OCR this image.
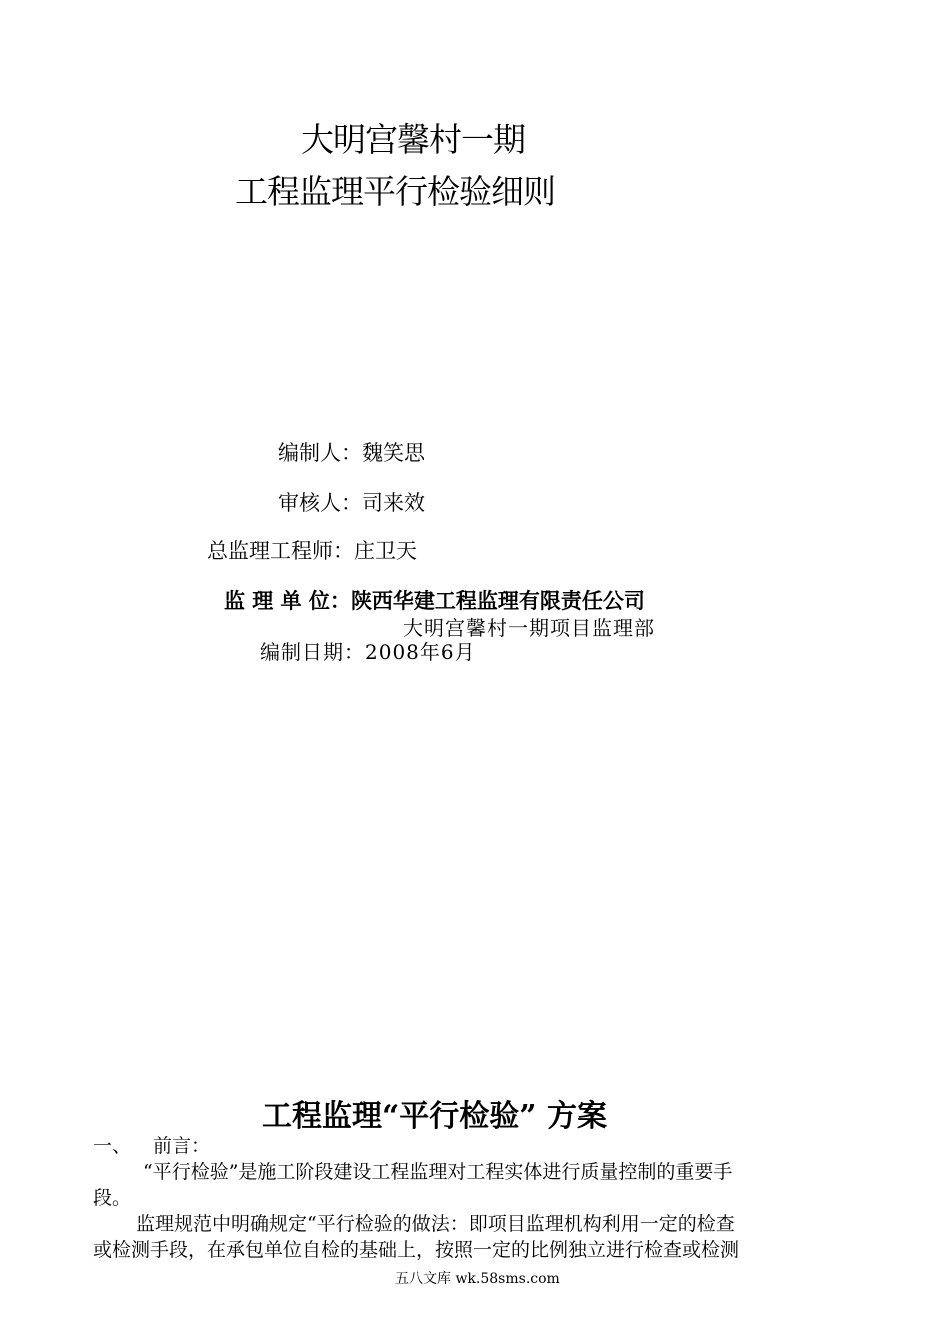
大明宫馨村一期
工程监理平行检验细则
编制人：魏笑思
审核人：司来效
总监理工程师：庄卫天
监 理 单 位：陕西华建工程监理有限责任公司
大明宫馨村一期项目监理部
编制日期：2008年6月
工程监理“平行检验” 方案
一、 前言：
“平行检验”是施工阶段建设工程监理对工程实体进行质量控制的重要手
段。
监理规范中明确规定“平行检验的做法：即项目监理机构利用一定的检查
或检测手段，在承包单位自检的基础上，按照一定的比例独立进行检查或检测
五八文库 wk.58sms.com
